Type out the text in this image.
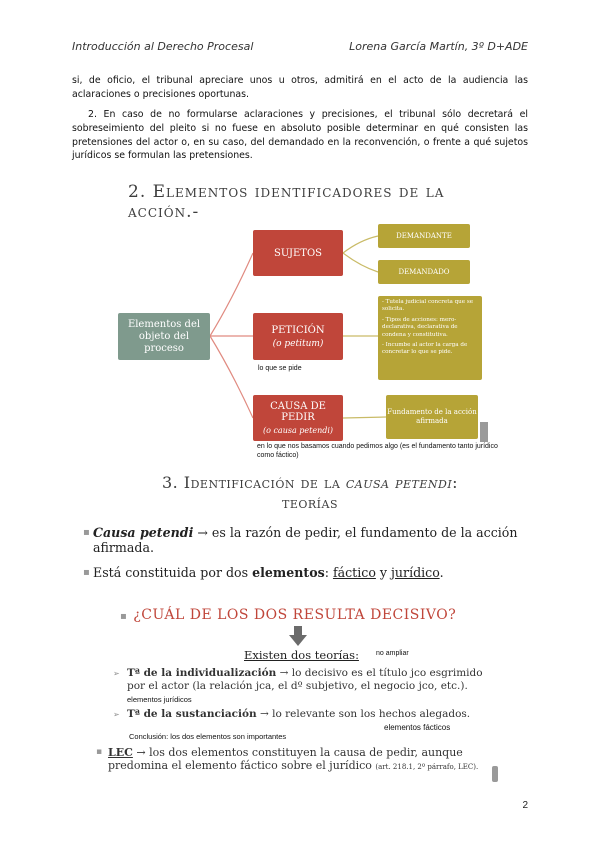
Introducción al Derecho Procesal	Lorena García Martín, 3º D+ADE

si, de oficio, el tribunal apreciare unos u otros, admitirá en el acto de la audiencia las aclaraciones o precisiones oportunas.

2. En caso de no formularse aclaraciones y precisiones, el tribunal sólo decretará el sobreseimiento del pleito si no fuese en absoluto posible determinar en qué consisten las pretensiones del actor o, en su caso, del demandado en la reconvención, o frente a qué sujetos jurídicos se formulan las pretensiones.

2. Elementos identificadores de la acción.-
Elementos del objeto del proceso
SUJETOS
PETICIÓN
(o petitum)
CAUSA DE PEDIR
(o causa petendi)
DEMANDANTE
DEMANDADO
- Tutela judicial concreta que se solicita.
- Tipos de acciones: mero-declarativa, declarativa de condena y constitutiva.
- Incumbe al actor la carga de concretar lo que se pide.
Fundamento de la acción afirmada
lo que se pide
en lo que nos basamos cuando pedimos algo (es el fundamento tanto jurídico como fáctico)
3. Identificación de la causa petendi:
teorías
▪ Causa petendi → es la razón de pedir, el fundamento de la acción afirmada.
▪ Está constituida por dos elementos: fáctico y jurídico.
▪ ¿CUÁL DE LOS DOS RESULTA DECISIVO?
Existen dos teorías: no ampliar
➢ Tª de la individualización → lo decisivo es el título jco esgrimido por el actor (la relación jca, el dº subjetivo, el negocio jco, etc.). elementos jurídicos
➢ Tª de la sustanciación → lo relevante son los hechos alegados.
elementos fácticos
Conclusión: los dos elementos son importantes
▪ LEC → los dos elementos constituyen la causa de pedir, aunque predomina el elemento fáctico sobre el jurídico (art. 218.1, 2º párrafo, LEC).
2
